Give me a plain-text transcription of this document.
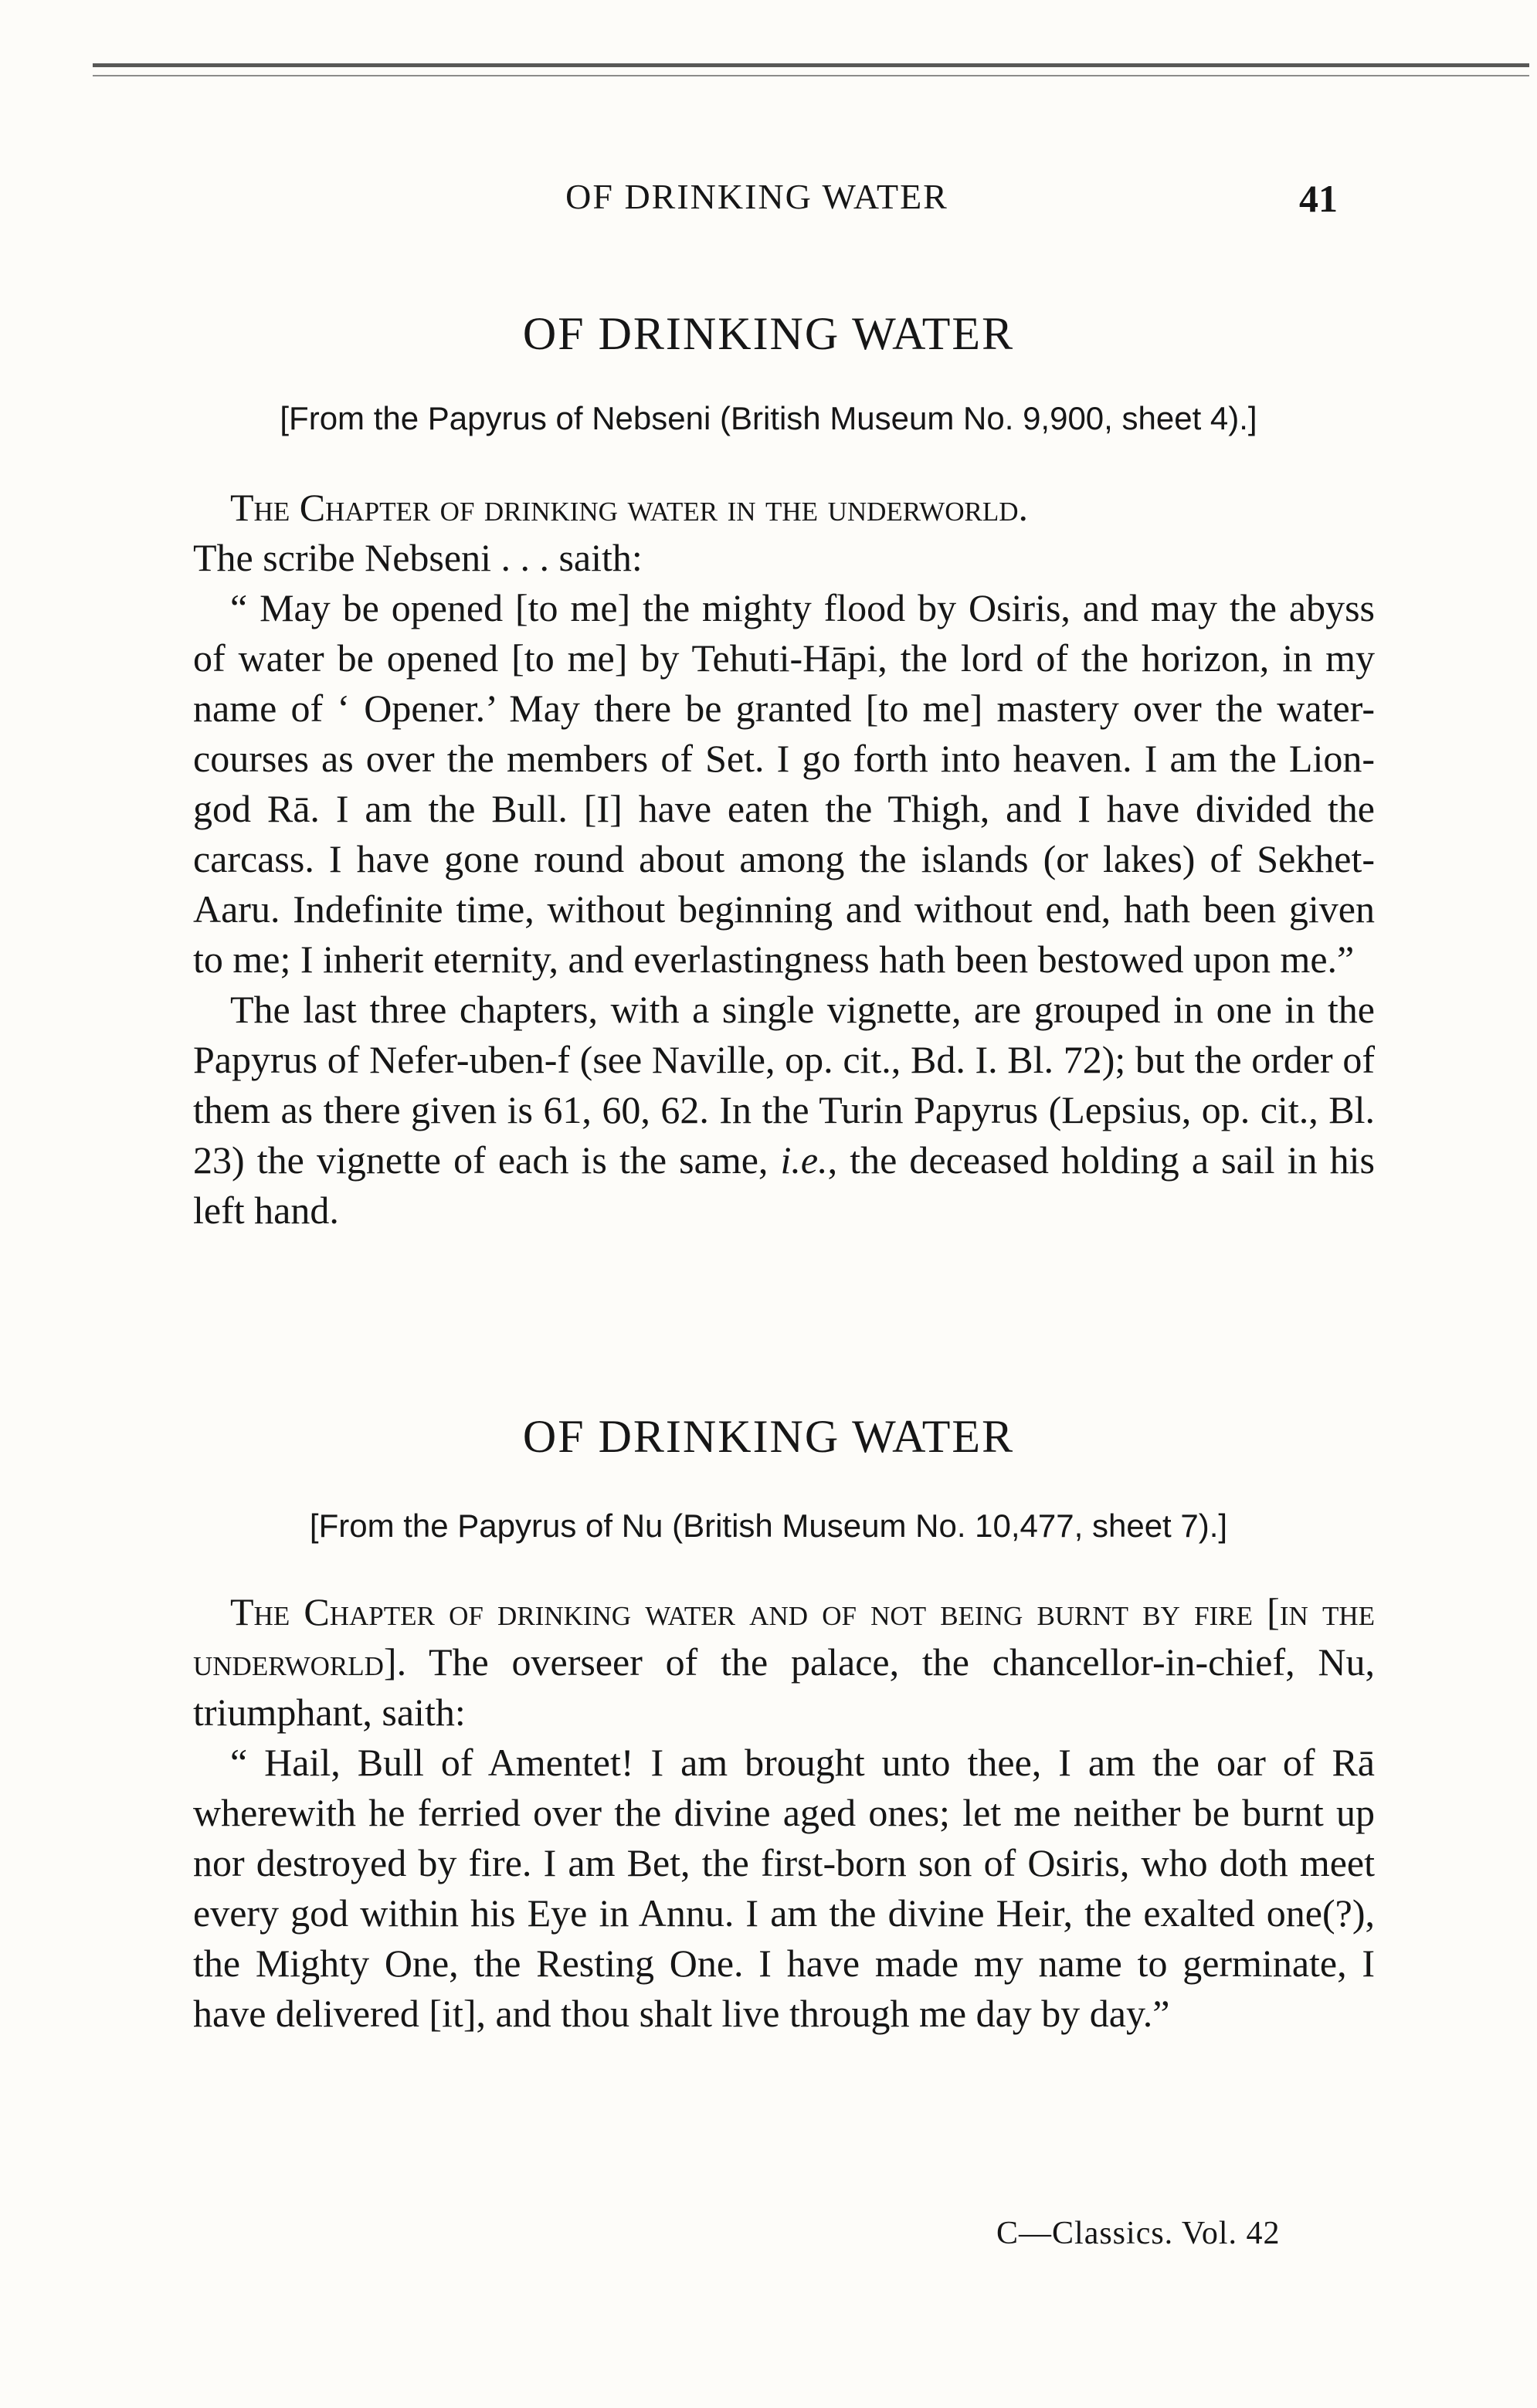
OF DRINKING WATER	41
OF DRINKING WATER
[From the Papyrus of Nebseni (British Museum No. 9,900, sheet 4).]

The Chapter of drinking water in the underworld.

The scribe Nebseni . . . saith:

“ May be opened [to me] the mighty flood by Osiris, and may the abyss of water be opened [to me] by Tehuti-Hāpi, the lord of the horizon, in my name of ‘ Opener.’ May there be granted [to me] mastery over the water-courses as over the members of Set. I go forth into heaven. I am the Lion-god Rā. I am the Bull. [I] have eaten the Thigh, and I have divided the carcass. I have gone round about among the islands (or lakes) of Sekhet-Aaru. Indefinite time, without beginning and without end, hath been given to me; I inherit eternity, and everlastingness hath been bestowed upon me.”

The last three chapters, with a single vignette, are grouped in one in the Papyrus of Nefer-uben-f (see Naville, op. cit., Bd. I. Bl. 72); but the order of them as there given is 61, 60, 62. In the Turin Papyrus (Lepsius, op. cit., Bl. 23) the vignette of each is the same, i.e., the deceased holding a sail in his left hand.

OF DRINKING WATER
[From the Papyrus of Nu (British Museum No. 10,477, sheet 7).]

The Chapter of drinking water and of not being burnt by fire [in the underworld]. The overseer of the palace, the chancellor-in-chief, Nu, triumphant, saith:

“ Hail, Bull of Amentet! I am brought unto thee, I am the oar of Rā wherewith he ferried over the divine aged ones; let me neither be burnt up nor destroyed by fire. I am Bet, the first-born son of Osiris, who doth meet every god within his Eye in Annu. I am the divine Heir, the exalted one(?), the Mighty One, the Resting One. I have made my name to germinate, I have delivered [it], and thou shalt live through me day by day.”

C—Classics. Vol. 42
